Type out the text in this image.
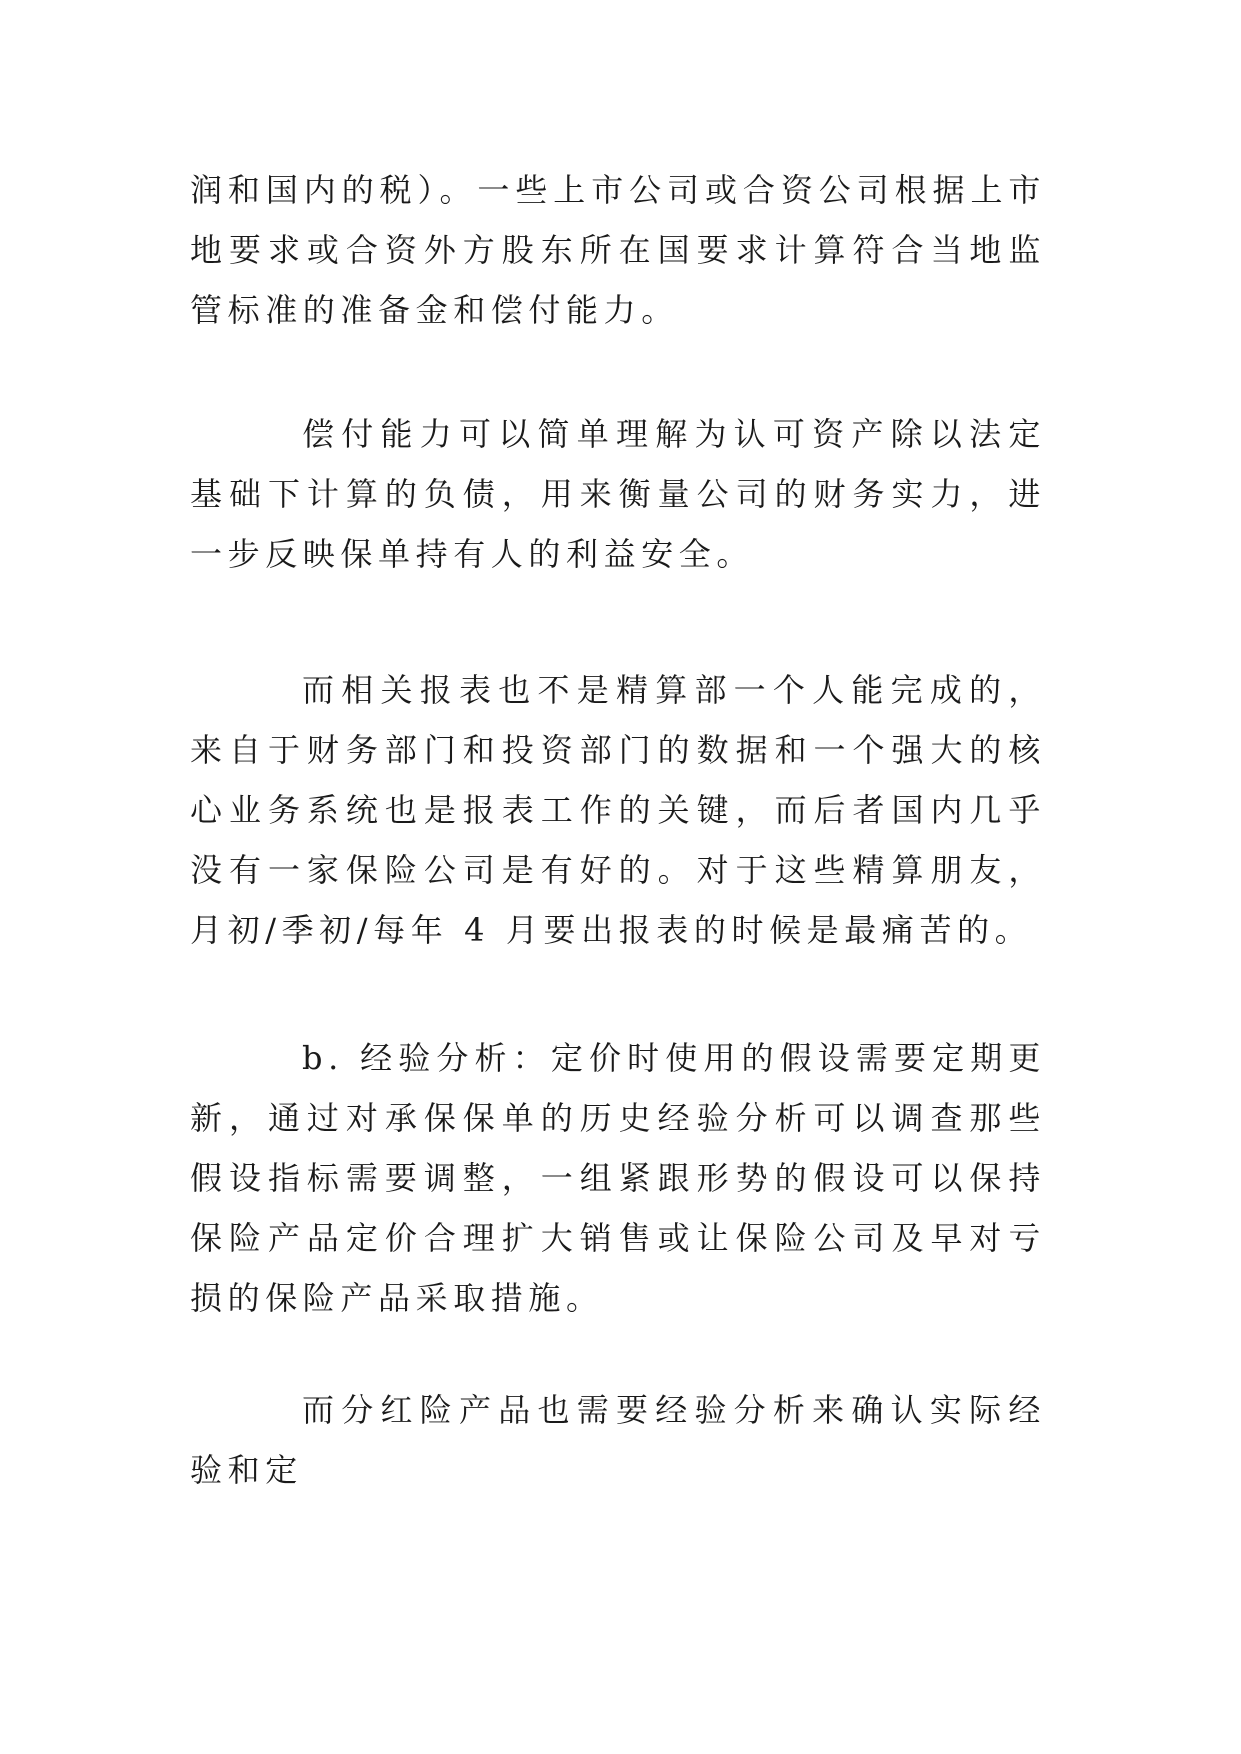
润和国内的税）。一些上市公司或合资公司根据上市地要求或合资外方股东所在国要求计算符合当地监管标准的准备金和偿付能力。

偿付能力可以简单理解为认可资产除以法定基础下计算的负债，用来衡量公司的财务实力，进一步反映保单持有人的利益安全。

而相关报表也不是精算部一个人能完成的，来自于财务部门和投资部门的数据和一个强大的核心业务系统也是报表工作的关键，而后者国内几乎没有一家保险公司是有好的。对于这些精算朋友，月初/季初/每年 4 月要出报表的时候是最痛苦的。

b. 经验分析：定价时使用的假设需要定期更新，通过对承保保单的历史经验分析可以调查那些假设指标需要调整，一组紧跟形势的假设可以保持保险产品定价合理扩大销售或让保险公司及早对亏损的保险产品采取措施。

而分红险产品也需要经验分析来确认实际经验和定
